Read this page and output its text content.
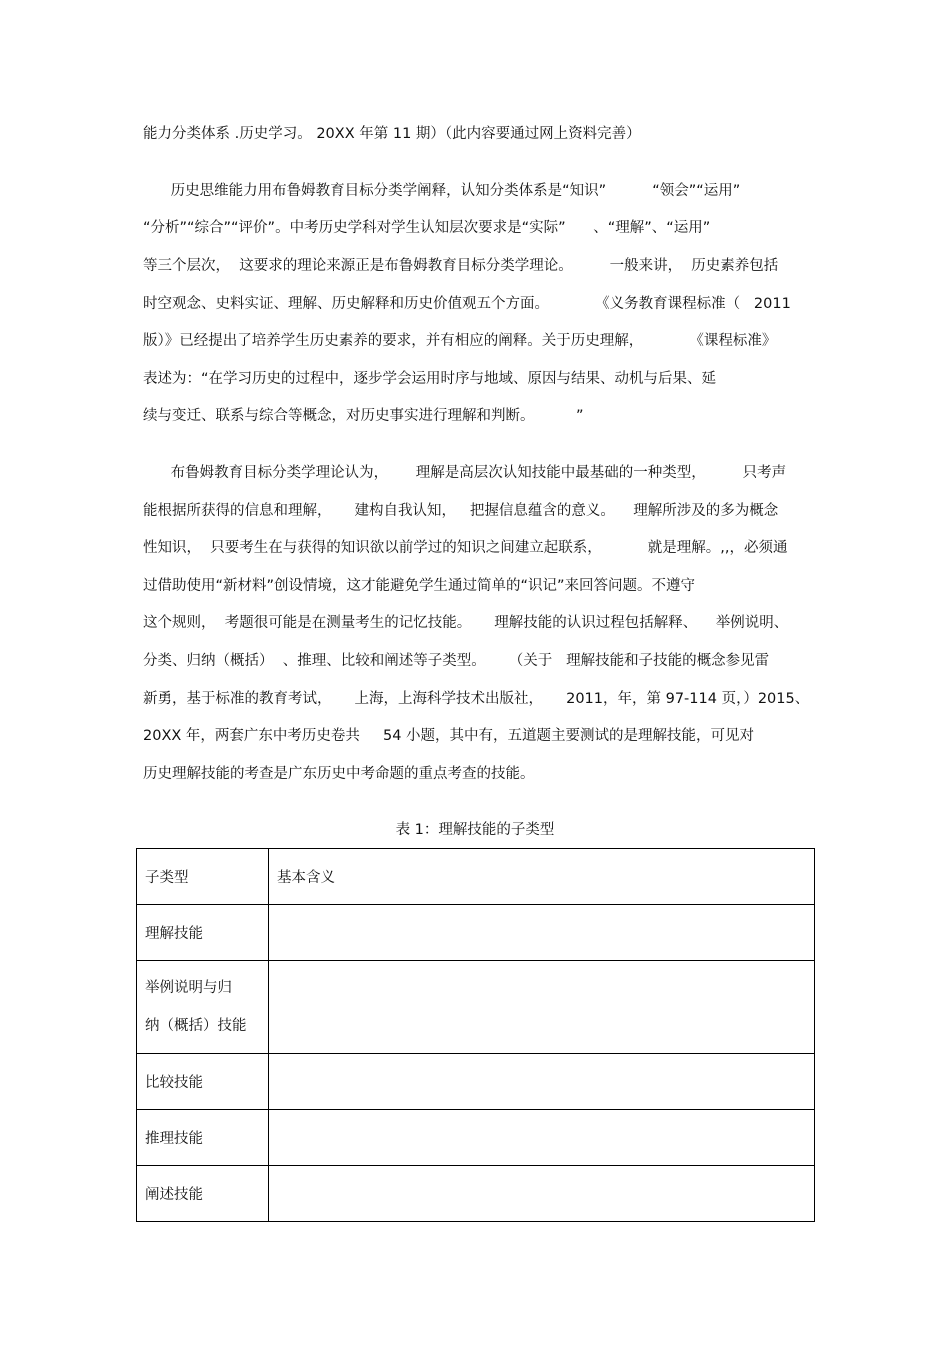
能力分类体系 .历史学习。 20XX 年第 11 期）（此内容要通过网上资料完善）
历史思维能力用布鲁姆教育目标分类学阐释，认知分类体系是“知识”          “领会”“运用”
“分析”“综合”“评价”。中考历史学科对学生认知层次要求是“实际”      、“理解”、“运用”
等三个层次，  这要求的理论来源正是布鲁姆教育目标分类学理论。        一般来讲，  历史素养包括
时空观念、史料实证、理解、历史解释和历史价值观五个方面。          《义务教育课程标准（   2011
版）》已经提出了培养学生历史素养的要求，并有相应的阐释。关于历史理解，          《课程标准》
表述为：“在学习历史的过程中，逐步学会运用时序与地域、原因与结果、动机与后果、延
续与变迁、联系与综合等概念，对历史事实进行理解和判断。         ”
布鲁姆教育目标分类学理论认为，      理解是高层次认知技能中最基础的一种类型，        只考声
能根据所获得的信息和理解，     建构自我认知，   把握信息蕴含的意义。    理解所涉及的多为概念
性知识，  只要考生在与获得的知识欲以前学过的知识之间建立起联系，          就是理解。,,，必须通
过借助使用“新材料”创设情境，这才能避免学生通过简单的“识记”来回答问题。不遵守
这个规则，  考题很可能是在测量考生的记忆技能。     理解技能的认识过程包括解释、    举例说明、
分类、归纳（概括）  、推理、比较和阐述等子类型。     （关于   理解技能和子技能的概念参见雷
新勇，基于标准的教育考试，     上海，上海科学技术出版社，     2011，年，第 97-114 页，）2015、
20XX 年，两套广东中考历史卷共     54 小题，其中有，五道题主要测试的是理解技能，可见对
历史理解技能的考查是广东历史中考命题的重点考查的技能。
表 1：理解技能的子类型
子类型	基本含义
理解技能	

举例说明与归
纳（概括）技能	

比较技能	
推理技能	
阐述技能	
